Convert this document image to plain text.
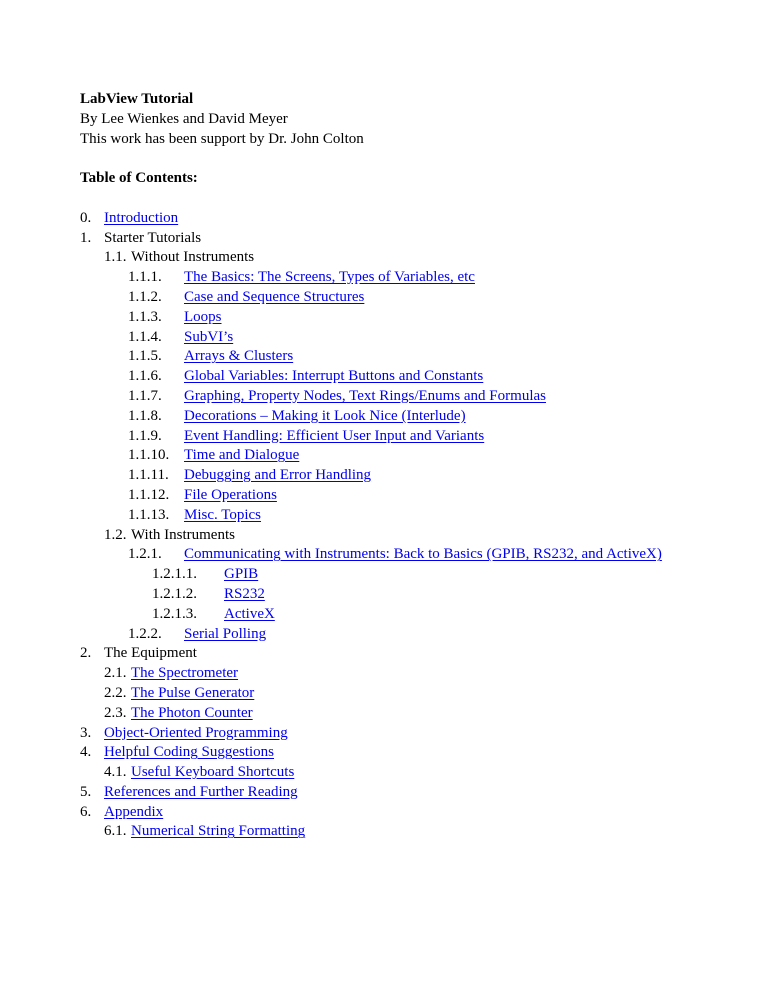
LabView Tutorial
By Lee Wienkes and David Meyer
This work has been support by Dr. John Colton
Table of Contents:
0. Introduction
1. Starter Tutorials
1.1. Without Instruments
1.1.1. The Basics: The Screens, Types of Variables, etc
1.1.2. Case and Sequence Structures
1.1.3. Loops
1.1.4. SubVI’s
1.1.5. Arrays & Clusters
1.1.6. Global Variables: Interrupt Buttons and Constants
1.1.7. Graphing, Property Nodes, Text Rings/Enums and Formulas
1.1.8. Decorations – Making it Look Nice (Interlude)
1.1.9. Event Handling: Efficient User Input and Variants
1.1.10. Time and Dialogue
1.1.11. Debugging and Error Handling
1.1.12. File Operations
1.1.13. Misc. Topics
1.2. With Instruments
1.2.1. Communicating with Instruments: Back to Basics (GPIB, RS232, and ActiveX)
1.2.1.1. GPIB
1.2.1.2. RS232
1.2.1.3. ActiveX
1.2.2. Serial Polling
2. The Equipment
2.1. The Spectrometer
2.2. The Pulse Generator
2.3. The Photon Counter
3. Object-Oriented Programming
4. Helpful Coding Suggestions
4.1. Useful Keyboard Shortcuts
5. References and Further Reading
6. Appendix
6.1. Numerical String Formatting
